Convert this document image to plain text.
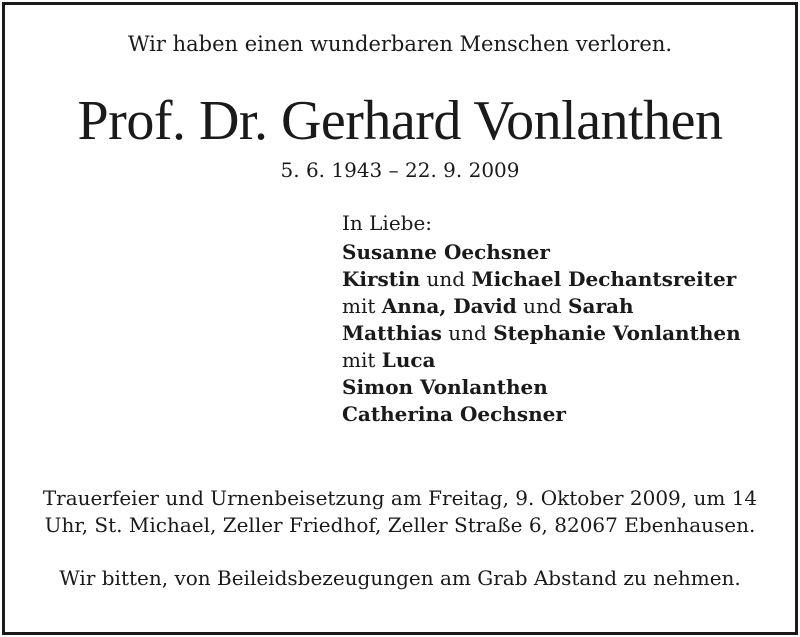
Wir haben einen wunderbaren Menschen verloren.
Prof. Dr. Gerhard Vonlanthen
5. 6. 1943 – 22. 9. 2009
In Liebe:
Susanne Oechsner
Kirstin und Michael Dechantsreiter
mit Anna, David und Sarah
Matthias und Stephanie Vonlanthen
mit Luca
Simon Vonlanthen
Catherina Oechsner
Trauerfeier und Urnenbeisetzung am Freitag, 9. Oktober 2009, um 14
Uhr, St. Michael, Zeller Friedhof, Zeller Straße 6, 82067 Ebenhausen.
Wir bitten, von Beileidsbezeugungen am Grab Abstand zu nehmen.
